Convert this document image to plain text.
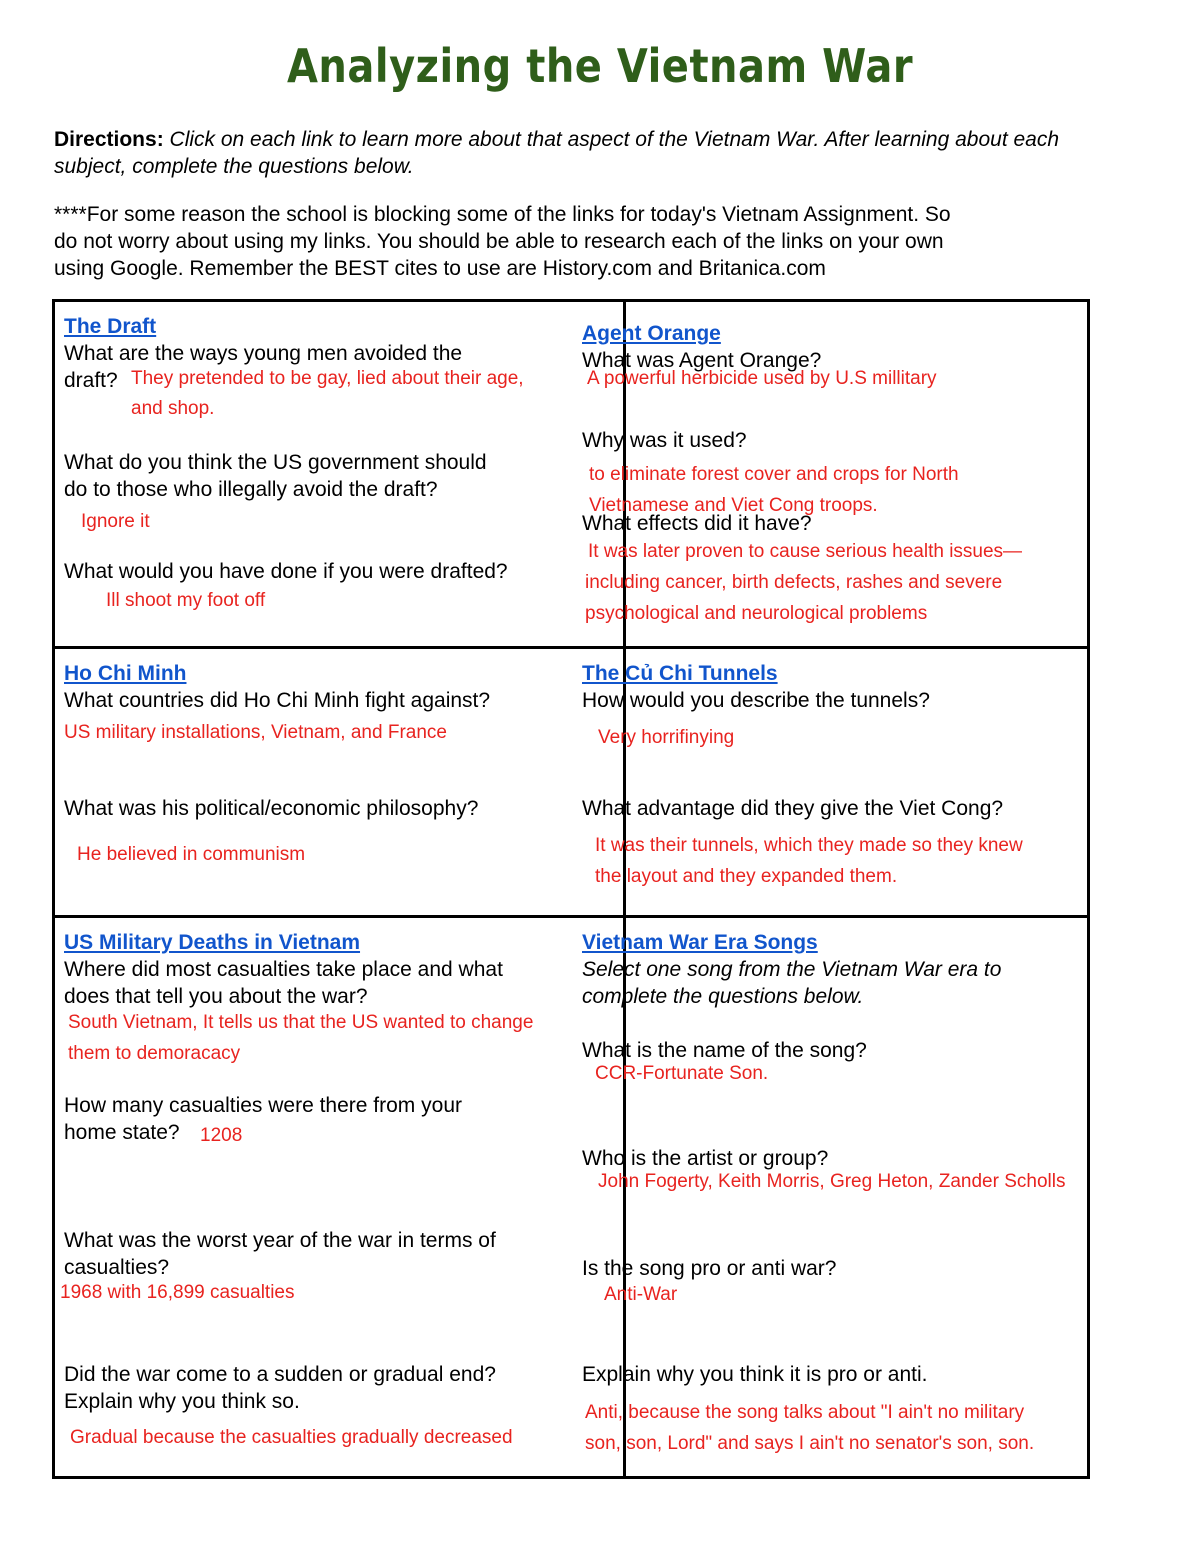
Analyzing the Vietnam War
Directions: Click on each link to learn more about that aspect of the Vietnam War. After learning about each subject, complete the questions below.
****For some reason the school is blocking some of the links for today's Vietnam Assignment. So
do not worry about using my links. You should be able to research each of the links on your own
using Google. Remember the BEST cites to use are History.com and Britanica.com
The Draft
What are the ways young men avoided the
draft? They pretended to be gay, lied about their age,
and shop.
What do you think the US government should
do to those who illegally avoid the draft?
Ignore it
What would you have done if you were drafted?
Ill shoot my foot off
Agent Orange
What was Agent Orange?
A powerful herbicide used by U.S millitary
Why was it used?
to eliminate forest cover and crops for North
Vietnamese and Viet Cong troops.
What effects did it have?
It was later proven to cause serious health issues—
including cancer, birth defects, rashes and severe
psychological and neurological problems
Ho Chi Minh
What countries did Ho Chi Minh fight against?
US military installations, Vietnam, and France
What was his political/economic philosophy?
He believed in communism
The Củ Chi Tunnels
How would you describe the tunnels?
Very horrifinying
What advantage did they give the Viet Cong?
It was their tunnels, which they made so they knew
the layout and they expanded them.
US Military Deaths in Vietnam
Where did most casualties take place and what
does that tell you about the war?
South Vietnam, It tells us that the US wanted to change
them to demoracacy
How many casualties were there from your
home state? 1208
What was the worst year of the war in terms of
casualties?
1968 with 16,899 casualties
Did the war come to a sudden or gradual end?
Explain why you think so.
Gradual because the casualties gradually decreased
Vietnam War Era Songs
Select one song from the Vietnam War era to
complete the questions below.
What is the name of the song?
CCR-Fortunate Son.
Who is the artist or group?
John Fogerty, Keith Morris, Greg Heton, Zander Scholls
Is the song pro or anti war?
Anti-War
Explain why you think it is pro or anti.
Anti, because the song talks about "I ain't no military
son, son, Lord" and says I ain't no senator's son, son.
